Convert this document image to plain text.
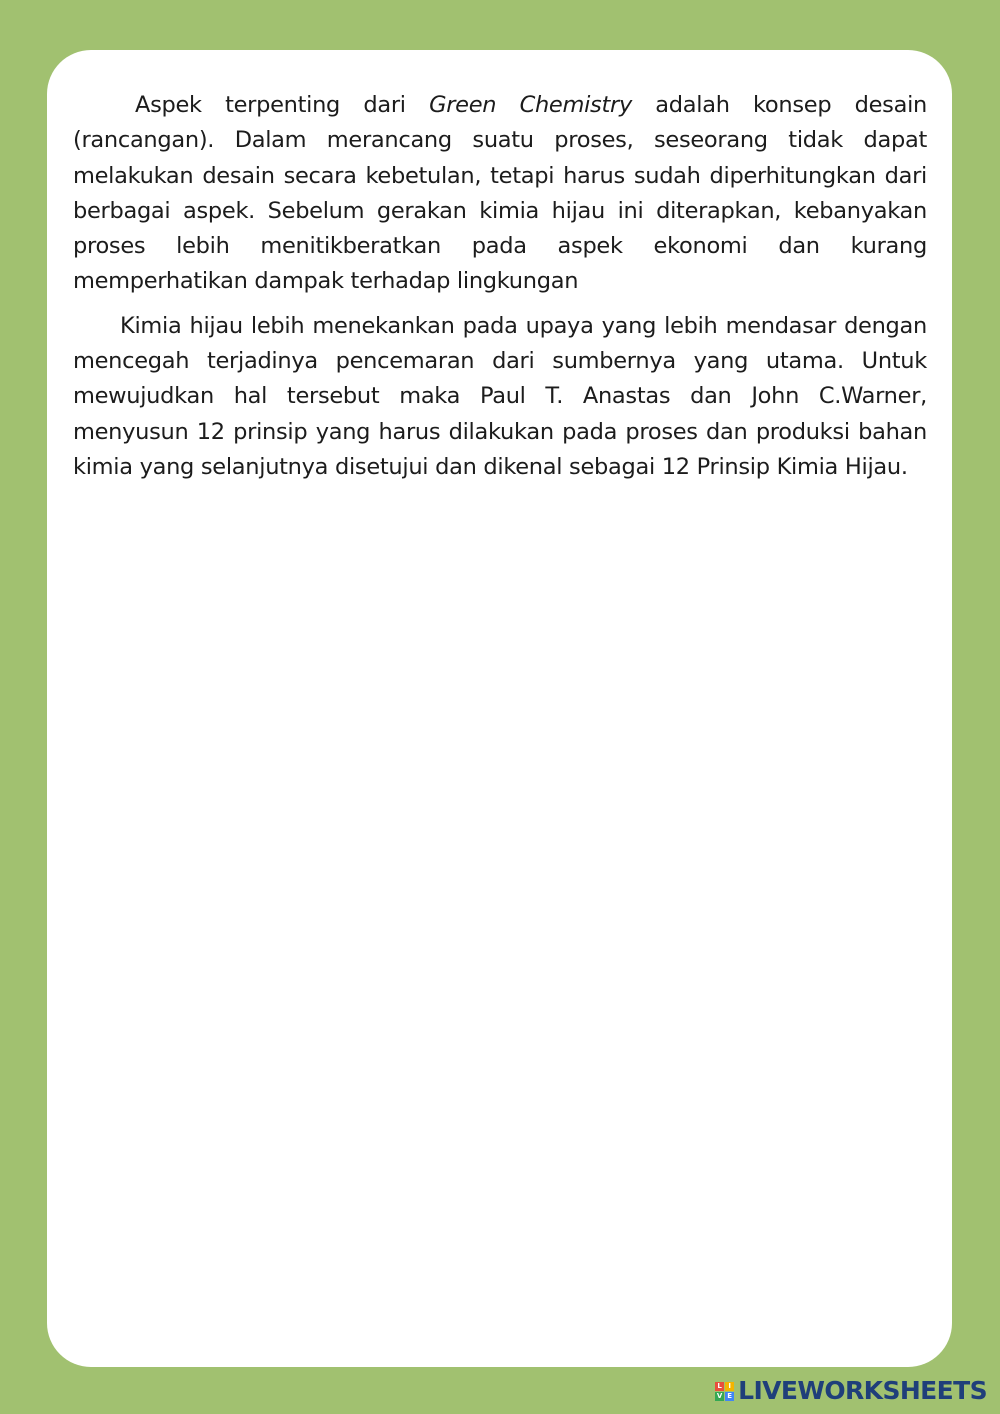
Aspek terpenting dari Green Chemistry adalah konsep desain (rancangan). Dalam merancang suatu proses, seseorang tidak dapat melakukan desain secara kebetulan, tetapi harus sudah diperhitungkan dari berbagai aspek. Sebelum gerakan kimia hijau ini diterapkan, kebanyakan proses lebih menitikberatkan pada aspek ekonomi dan kurang memperhatikan dampak terhadap lingkungan

Kimia hijau lebih menekankan pada upaya yang lebih mendasar dengan mencegah terjadinya pencemaran dari sumbernya yang utama. Untuk mewujudkan hal tersebut maka Paul T. Anastas dan John C.Warner, menyusun 12 prinsip yang harus dilakukan pada proses dan produksi bahan kimia yang selanjutnya disetujui dan dikenal sebagai 12 Prinsip Kimia Hijau.

L I
V E LIVEWORKSHEETS
